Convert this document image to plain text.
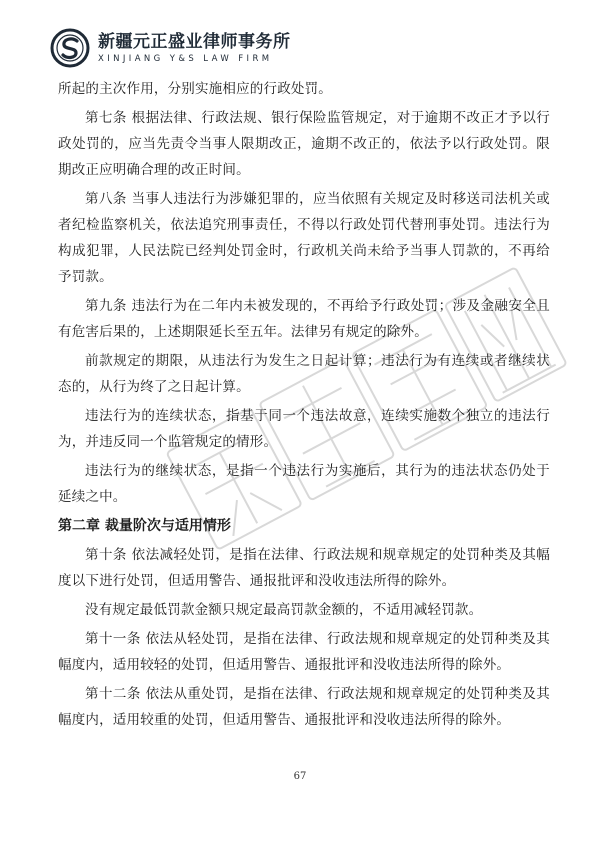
新疆元正盛业律师事务所
XINJIANG Y&S LAW FIRM

所起的主次作用，分别实施相应的行政处罚。

第七条 根据法律、行政法规、银行保险监管规定，对于逾期不改正才予以行政处罚的，应当先责令当事人限期改正，逾期不改正的，依法予以行政处罚。限期改正应明确合理的改正时间。

第八条 当事人违法行为涉嫌犯罪的，应当依照有关规定及时移送司法机关或者纪检监察机关，依法追究刑事责任，不得以行政处罚代替刑事处罚。违法行为构成犯罪，人民法院已经判处罚金时，行政机关尚未给予当事人罚款的，不再给予罚款。

第九条 违法行为在二年内未被发现的，不再给予行政处罚；涉及金融安全且有危害后果的，上述期限延长至五年。法律另有规定的除外。

前款规定的期限，从违法行为发生之日起计算；违法行为有连续或者继续状态的，从行为终了之日起计算。

违法行为的连续状态，指基于同一个违法故意，连续实施数个独立的违法行为，并违反同一个监管规定的情形。

违法行为的继续状态，是指一个违法行为实施后，其行为的违法状态仍处于延续之中。

第二章 裁量阶次与适用情形

第十条 依法减轻处罚，是指在法律、行政法规和规章规定的处罚种类及其幅度以下进行处罚，但适用警告、通报批评和没收违法所得的除外。

没有规定最低罚款金额只规定最高罚款金额的，不适用减轻罚款。

第十一条 依法从轻处罚，是指在法律、行政法规和规章规定的处罚种类及其幅度内，适用较轻的处罚，但适用警告、通报批评和没收违法所得的除外。

第十二条 依法从重处罚，是指在法律、行政法规和规章规定的处罚种类及其幅度内，适用较重的处罚，但适用警告、通报批评和没收违法所得的除外。

67
